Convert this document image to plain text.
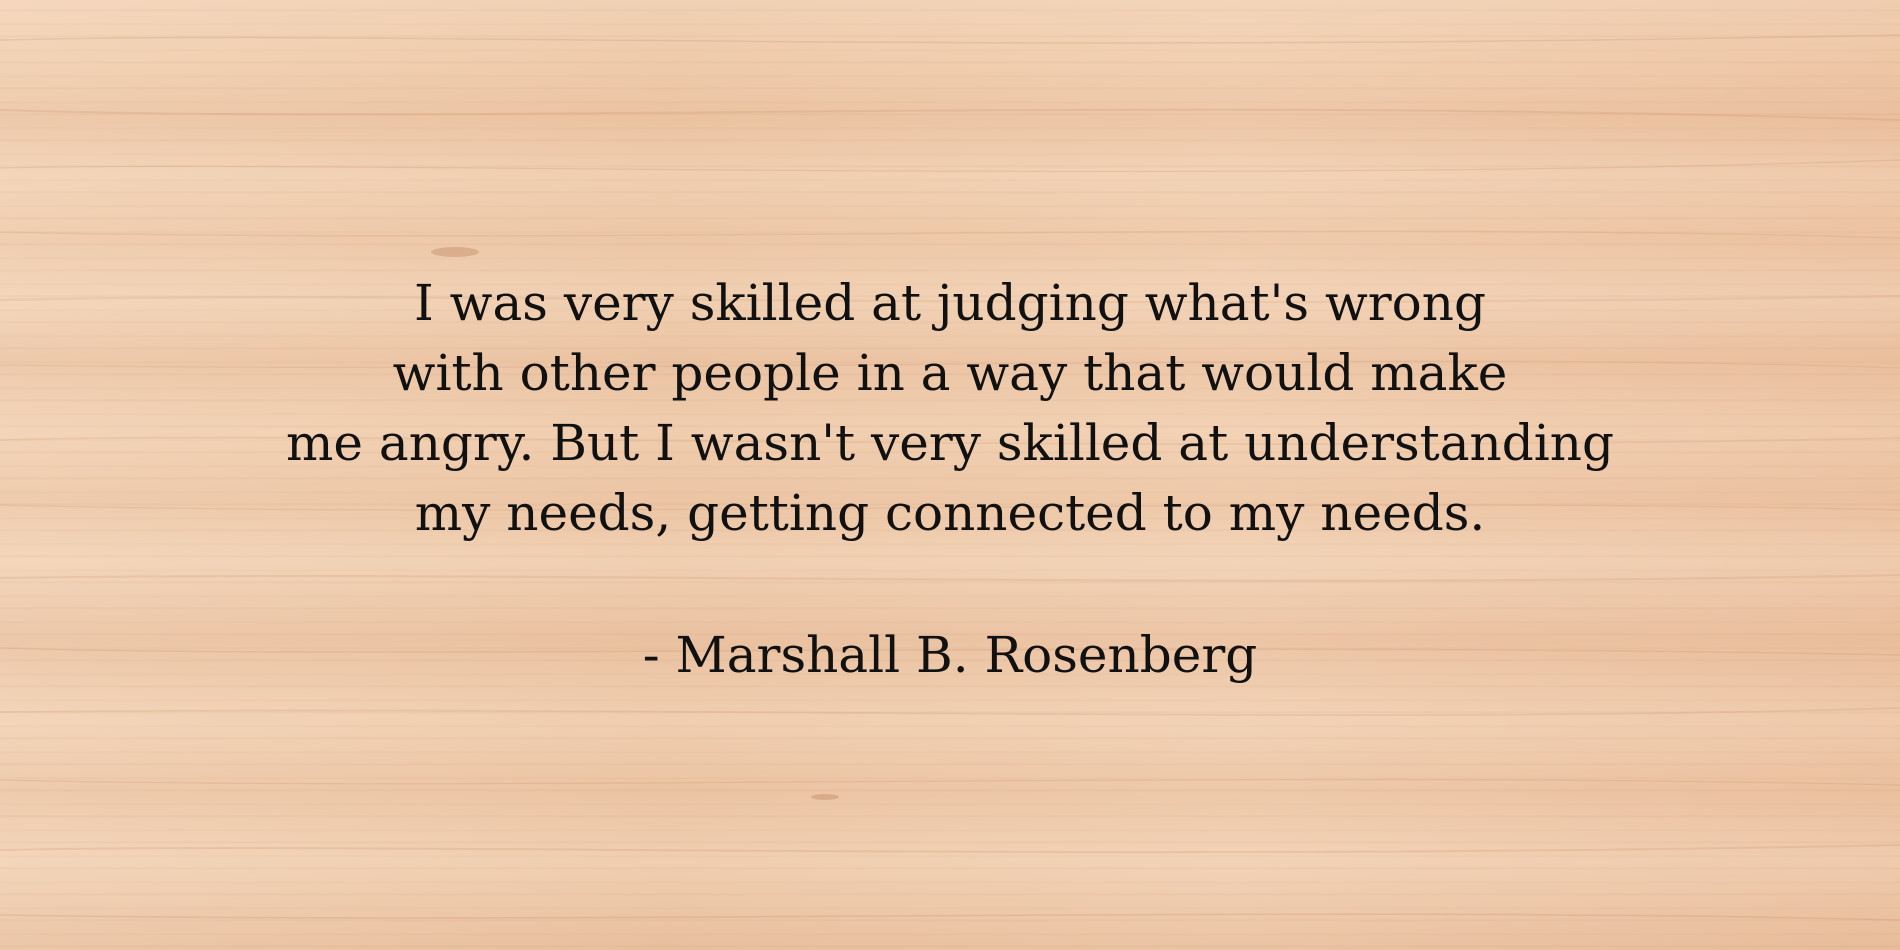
I was very skilled at judging what's wrong
with other people in a way that would make
me angry. But I wasn't very skilled at understanding
my needs, getting connected to my needs.
- Marshall B. Rosenberg
